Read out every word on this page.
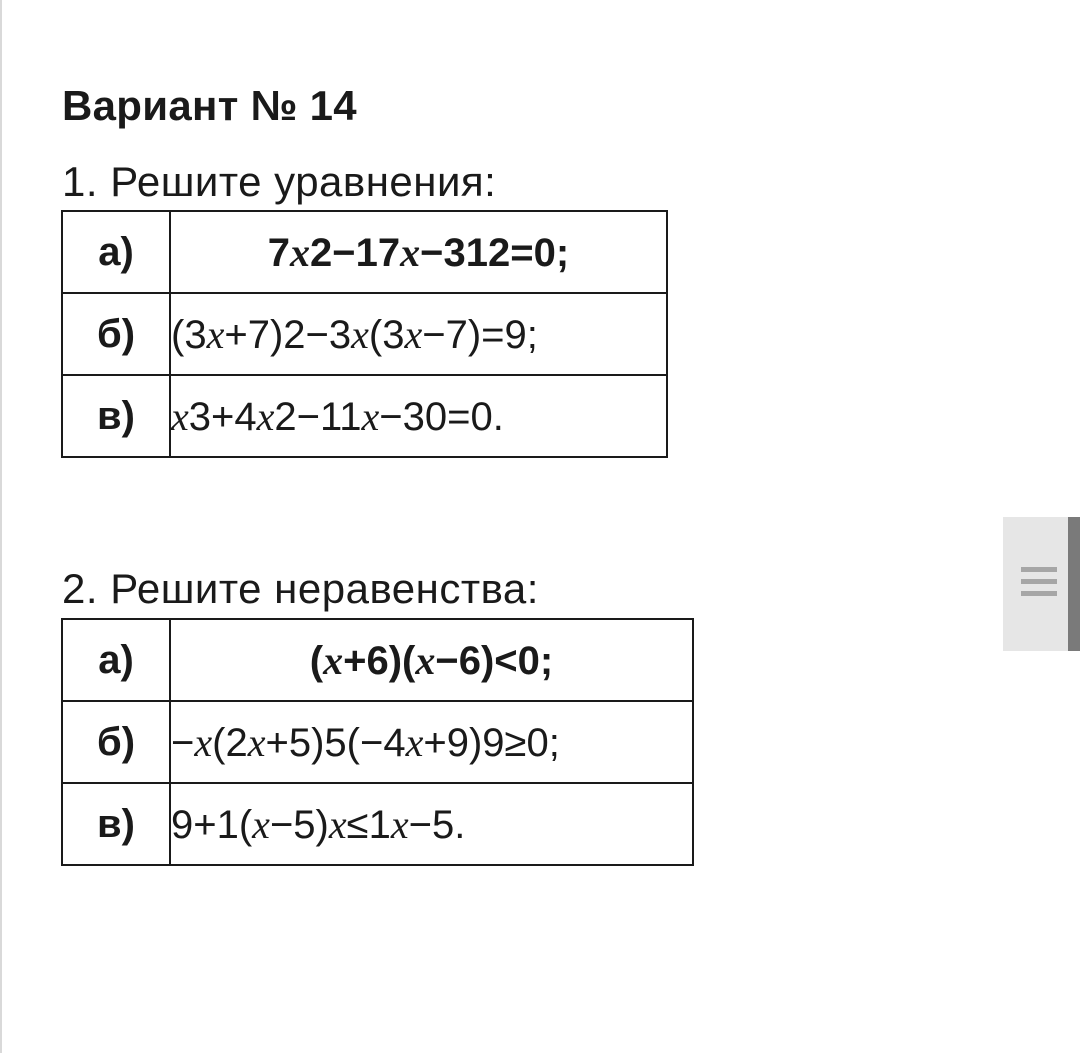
Вариант № 14
1. Решите уравнения:
а)	7x2−17x−312=0;
б)	(3x+7)2−3x(3x−7)=9;
в)	x3+4x2−11x−30=0.
2. Решите неравенства:
а)	(x+6)(x−6)<0;
б)	−x(2x+5)5(−4x+9)9≥0;
в)	9+1(x−5)x≤1x−5.
